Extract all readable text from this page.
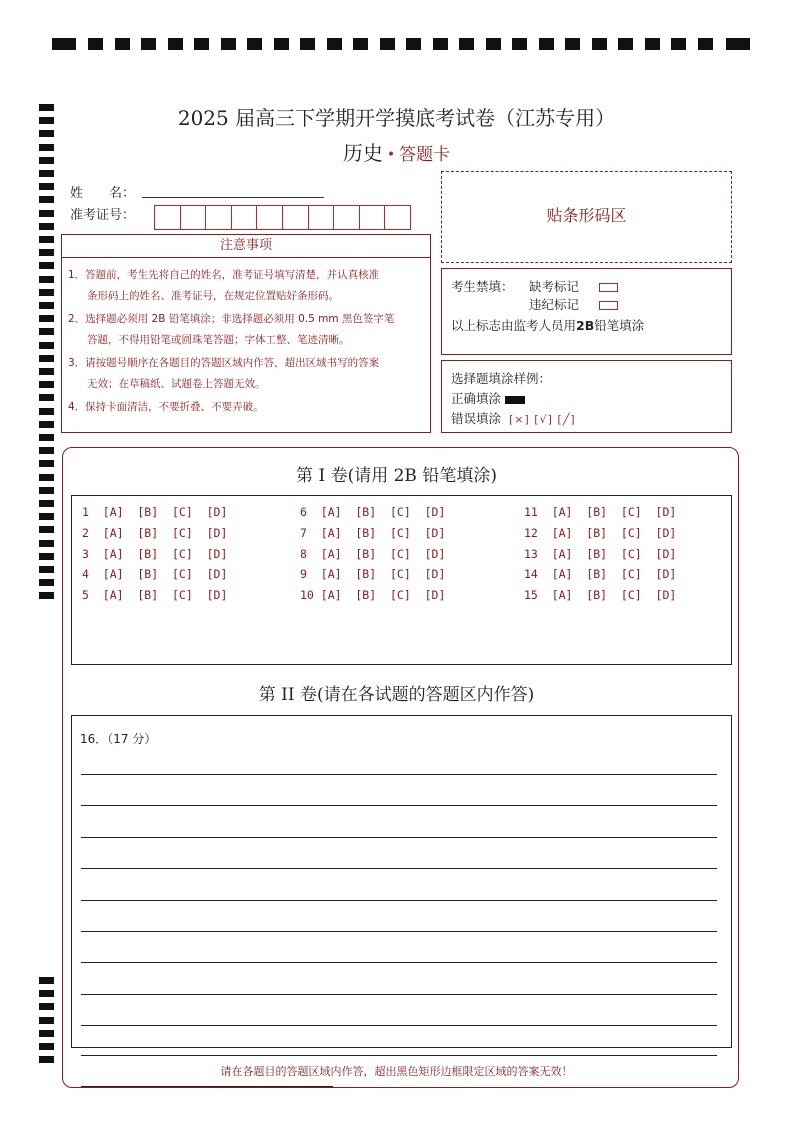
2025 届高三下学期开学摸底考试卷（江苏专用）
历史 • 答题卡
姓　　名：
准考证号：	贴条形码区
注意事项

1．答题前，考生先将自己的姓名，准考证号填写清楚，并认真核准
条形码上的姓名、准考证号，在规定位置贴好条形码。

2．选择题必须用 2B 铅笔填涂；非选择题必须用 0.5 mm 黑色签字笔
答题，不得用铅笔或圆珠笔答题；字体工整、笔迹清晰。

3．请按题号顺序在各题目的答题区域内作答，超出区域书写的答案
无效；在草稿纸、试题卷上答题无效。

4．保持卡面清洁，不要折叠、不要弄破。

考生禁填： 缺考标记
违纪标记
以上标志由监考人员用2B铅笔填涂
选择题填涂样例：
正确填涂
错误填涂 [×] [√] [╱]
第 I 卷(请用 2B 铅笔填涂)
1  [A]  [B]  [C]  [D]
2  [A]  [B]  [C]  [D]
3  [A]  [B]  [C]  [D]
4  [A]  [B]  [C]  [D]
5  [A]  [B]  [C]  [D]
6  [A]  [B]  [C]  [D]
7  [A]  [B]  [C]  [D]
8  [A]  [B]  [C]  [D]
9  [A]  [B]  [C]  [D]
10 [A]  [B]  [C]  [D]
11  [A]  [B]  [C]  [D]
12  [A]  [B]  [C]  [D]
13  [A]  [B]  [C]  [D]
14  [A]  [B]  [C]  [D]
15  [A]  [B]  [C]  [D]
第 II 卷(请在各试题的答题区内作答)
16．（17 分）
请在各题目的答题区域内作答，超出黑色矩形边框限定区域的答案无效！
